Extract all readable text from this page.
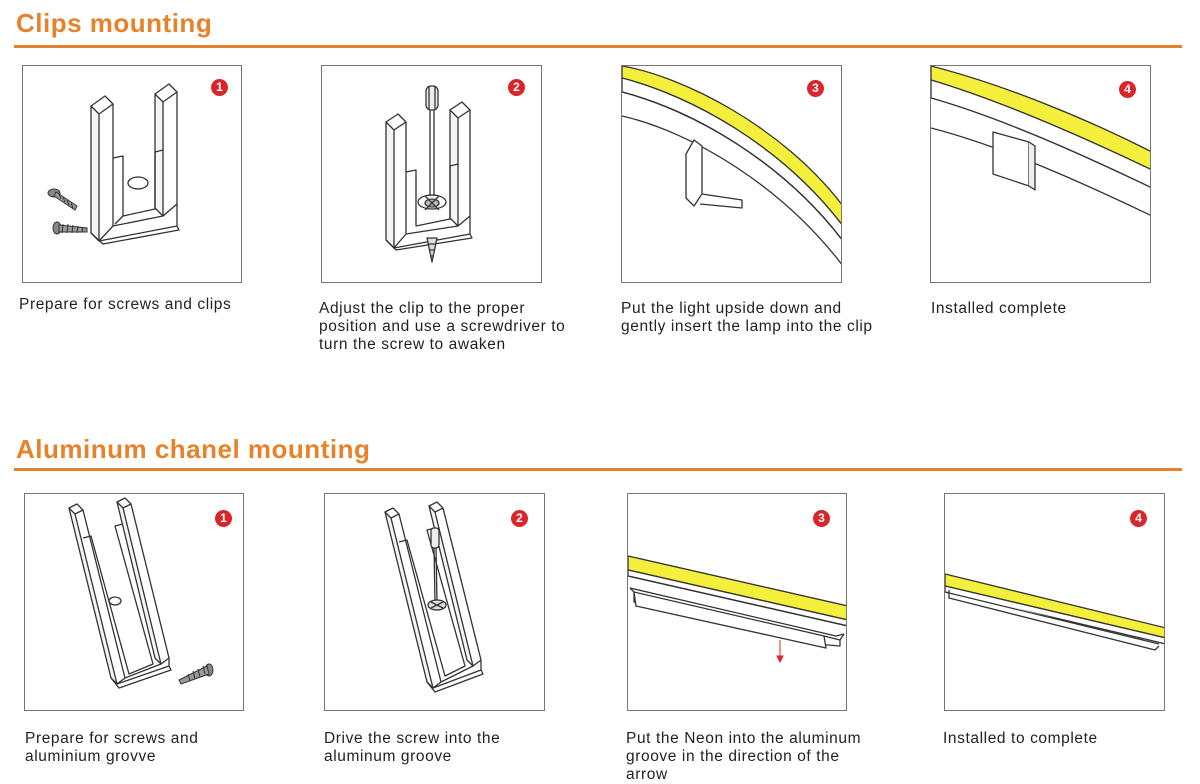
Clips mounting
1

Prepare for screws and clips

2

Adjust the clip to the proper position and use a screwdriver to turn the screw to awaken

3

Put the light upside down and gently insert the lamp into the clip

4

Installed complete

Aluminum chanel mounting
1

Prepare for screws and aluminium grovve

2

Drive the screw into the aluminum groove

3

Put the Neon into the aluminum groove in the direction of the arrow

4

Installed to complete
